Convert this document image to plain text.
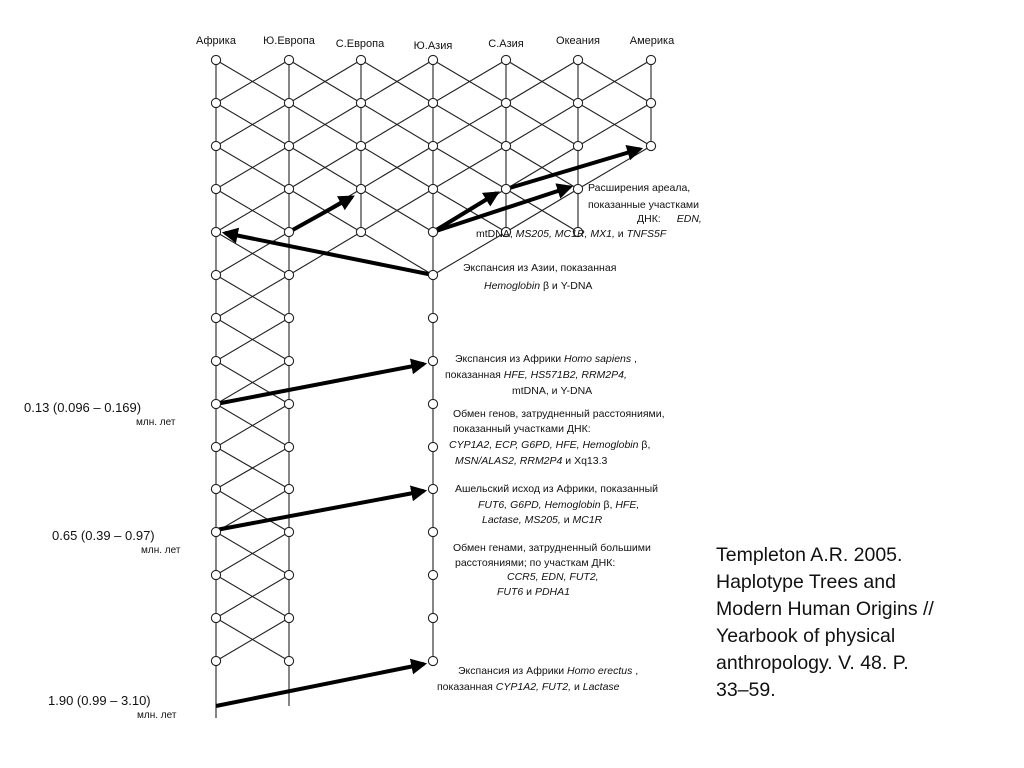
Африка Ю.Европа С.Европа	Ю.Азия	С.Азия	Океания	Америка
0.13 (0.096 – 0.169)
млн. лет
0.65 (0.39 – 0.97)
млн. лет
1.90 (0.99 – 3.10)
млн. лет
Расширения ареала,
показанные участками
ДНК: EDN,
mtDNA, MS205, MC1R, MX1, и TNFS5F
Экспансия из Азии, показанная
Hemoglobin β и Y-DNA
Экспансия из Африки Homo sapiens ,
показанная HFE, HS571B2, RRM2P4,
mtDNA, и Y-DNA
Обмен генов, затрудненный расстояниями,
показанный участками ДНК:
CYP1A2, ECP, G6PD, HFE, Hemoglobin β,
MSN/ALAS2, RRM2P4 и Xq13.3
Ашельский исход из Африки, показанный
FUT6, G6PD, Hemoglobin β, HFE,
Lactase, MS205, и MC1R
Обмен генами, затрудненный большими
расстояниями; по участкам ДНК:
CCR5, EDN, FUT2,
FUT6 и PDHA1
Экспансия из Африки Homo erectus ,
показанная CYP1A2, FUT2, и Lactase
Templeton A.R. 2005.
Haplotype Trees and
Modern Human Origins //
Yearbook of physical
anthropology. V. 48. P.
33–59.
